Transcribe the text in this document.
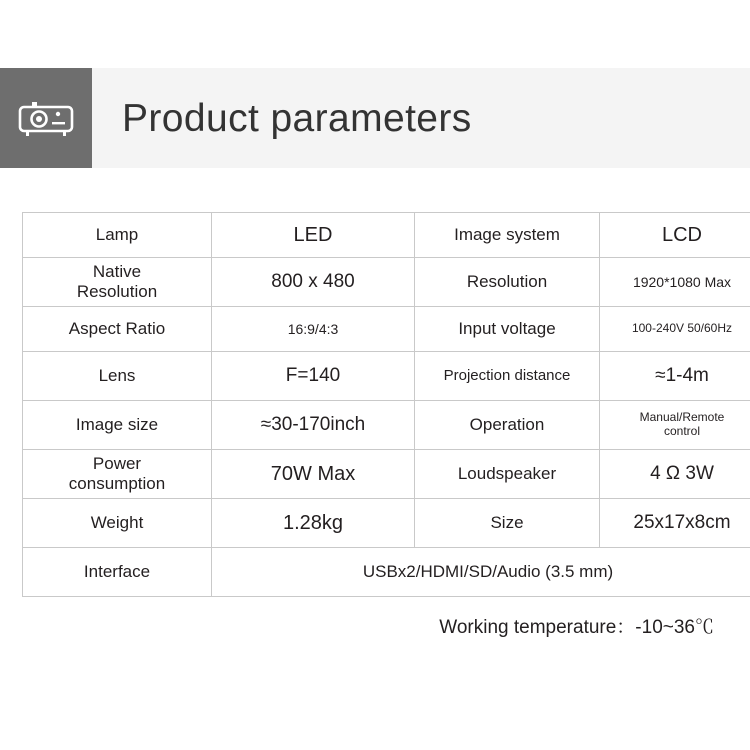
Product parameters
Lamp	LED	Image system	LCD

Native
Resolution	800 x 480	Resolution	1920*1080 Max
Aspect Ratio	16:9/4:3	Input voltage	100-240V 50/60Hz
Lens	F=140	Projection distance	≈1-4m
Image size	≈30-170inch	Operation	Manual/Remote
control

Power
consumption	70W Max	Loudspeaker	4 Ω 3W
Weight	1.28kg	Size	25x17x8cm
Interface	USBx2/HDMI/SD/Audio (3.5 mm)		
Working temperature：-10~36℃
